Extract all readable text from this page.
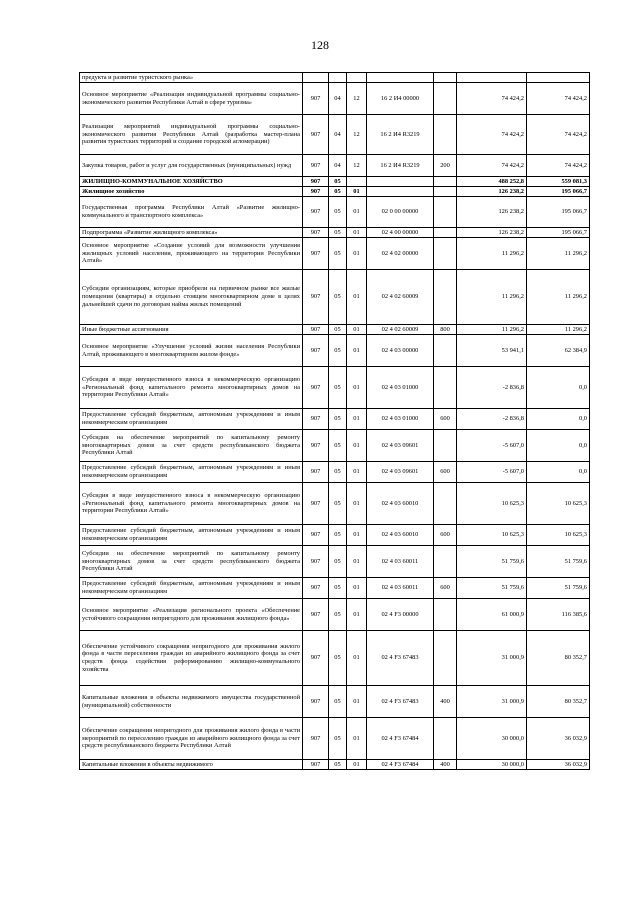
128
предукта и развитие туристского рынка»							
Основное мероприятие «Реализация индивидуальной программы социально-экономического развития Республики Алтай в сфере туризма»	907	04	12	16 2 И4 00000		74 424,2	74 424,2
Реализация мероприятий индивидуальной программы социально-экономического развития Республики Алтай (разработка мастер-плана развития туристских территорий и создание городской агломерации)	907	04	12	16 2 И4 R3219		74 424,2	74 424,2
Закупка товаров, работ и услуг для государственных (муниципальных) нужд	907	04	12	16 2 И4 R3219	200	74 424,2	74 424,2
ЖИЛИЩНО-КОММУНАЛЬНОЕ ХОЗЯЙСТВО	907	05				488 252,8	559 081,3
Жилищное хозяйство	907	05	01			126 238,2	195 066,7
Государственная программа Республики Алтай «Развитие жилищно-коммунального и транспортного комплекса»	907	05	01	02 0 00 00000		126 238,2	195 066,7
Подпрограмма «Развитие жилищного комплекса»	907	05	01	02 4 00 00000		126 238,2	195 066,7
Основное мероприятие «Создание условий для возможности улучшения жилищных условий населения, проживающего на территории Республики Алтай»	907	05	01	02 4 02 00000		11 296,2	11 296,2
Субсидии организациям, которые приобрели на первичном рынке все жилые помещения (квартиры) в отдельно стоящем многоквартирном доме в целях дальнейшей сдачи по договорам найма жилых помещений	907	05	01	02 4 02 60009		11 296,2	11 296,2
Иные бюджетные ассигнования	907	05	01	02 4 02 60009	800	11 296,2	11 296,2
Основное мероприятие «Улучшение условий жизни населения Республики Алтай, проживающего в многоквартирном жилом фонде»	907	05	01	02 4 03 00000		53 941,1	62 384,9
Субсидия в виде имущественного взноса в некоммерческую организацию «Региональный фонд капитального ремонта многоквартирных домов на территории Республики Алтай»	907	05	01	02 4 03 01000		-2 836,8	0,0
Предоставление субсидий бюджетным, автономным учреждениям и иным некоммерческим организациям	907	05	01	02 4 03 01000	600	-2 836,8	0,0
Субсидии на обеспечение мероприятий по капитальному ремонту многоквартирных домов за счет средств республиканского бюджета Республики Алтай	907	05	01	02 4 03 09601		-5 607,0	0,0
Предоставление субсидий бюджетным, автономным учреждениям и иным некоммерческим организациям	907	05	01	02 4 03 09601	600	-5 607,0	0,0
Субсидия в виде имущественного взноса в некоммерческую организацию «Региональный фонд капитального ремонта многоквартирных домов на территории Республики Алтай»	907	05	01	02 4 03 60010		10 625,3	10 625,3
Предоставление субсидий бюджетным, автономным учреждениям и иным некоммерческим организациям	907	05	01	02 4 03 60010	600	10 625,3	10 625,3
Субсидии на обеспечение мероприятий по капитальному ремонту многоквартирных домов за счет средств республиканского бюджета Республики Алтай	907	05	01	02 4 03 60011		51 759,6	51 759,6
Предоставление субсидий бюджетным, автономным учреждениям и иным некоммерческим организациям	907	05	01	02 4 03 60011	600	51 759,6	51 759,6
Основное мероприятие «Реализация регионального проекта «Обеспечение устойчивого сокращения непригодного для проживания жилищного фонда»	907	05	01	02 4 F3 00000		61 000,9	116 385,6
Обеспечение устойчивого сокращения непригодного для проживания жилого фонда в части переселения граждан из аварийного жилищного фонда за счет средств фонда содействия реформированию жилищно-коммунального хозяйства	907	05	01	02 4 F3 67483		31 000,9	80 352,7
Капитальные вложения в объекты недвижимого имущества государственной (муниципальной) собственности	907	05	01	02 4 F3 67483	400	31 000,9	80 352,7
Обеспечение сокращения непригодного для проживания жилого фонда в части мероприятий по переселению граждан из аварийного жилищного фонда за счет средств республиканского бюджета Республики Алтай	907	05	01	02 4 F3 67484		30 000,0	36 032,9
Капитальные вложения в объекты недвижимого	907	05	01	02 4 F3 67484	400	30 000,0	36 032,9
